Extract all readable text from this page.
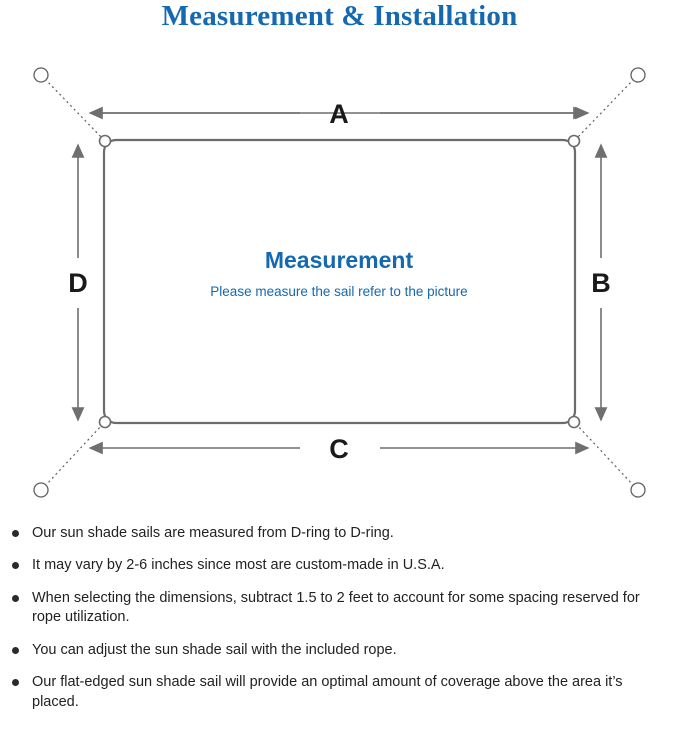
Measurement & Installation
A
C
D	B
Measurement
Please measure the sail refer to the picture
Our sun shade sails are measured from D-ring to D-ring.
It may vary by 2-6 inches since most are custom-made in U.S.A.
When selecting the dimensions, subtract 1.5 to 2 feet to account for some spacing reserved for rope utilization.
You can adjust the sun shade sail with the included rope.
Our flat-edged sun shade sail will provide an optimal amount of coverage above the area it’s placed.
